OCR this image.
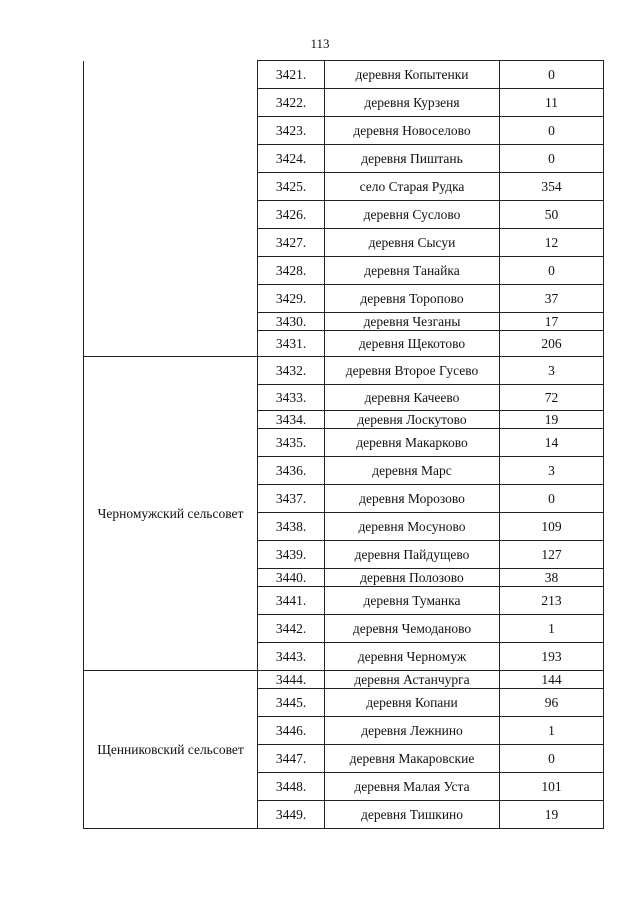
113
	3421.	деревня Копытенки	0
	3422.	деревня Курзеня	11
	3423.	деревня Новоселово	0
	3424.	деревня Пиштань	0
	3425.	село Старая Рудка	354
	3426.	деревня Суслово	50
	3427.	деревня Сысуи	12
	3428.	деревня Танайка	0
	3429.	деревня Торопово	37
	3430.	деревня Чезганы	17
	3431.	деревня Щекотово	206
Черномужский сельсовет	3432.	деревня Второе Гусево	3
	3433.	деревня Качеево	72
	3434.	деревня Лоскутово	19
	3435.	деревня Макарково	14
	3436.	деревня Марс	3
	3437.	деревня Морозово	0
	3438.	деревня Мосуново	109
	3439.	деревня Пайдущево	127
	3440.	деревня Полозово	38
	3441.	деревня Туманка	213
	3442.	деревня Чемоданово	1
	3443.	деревня Черномуж	193
Щенниковский сельсовет	3444.	деревня Астанчурга	144
	3445.	деревня Копани	96
	3446.	деревня Лежнино	1
	3447.	деревня Макаровские	0
	3448.	деревня Малая Уста	101
	3449.	деревня Тишкино	19
